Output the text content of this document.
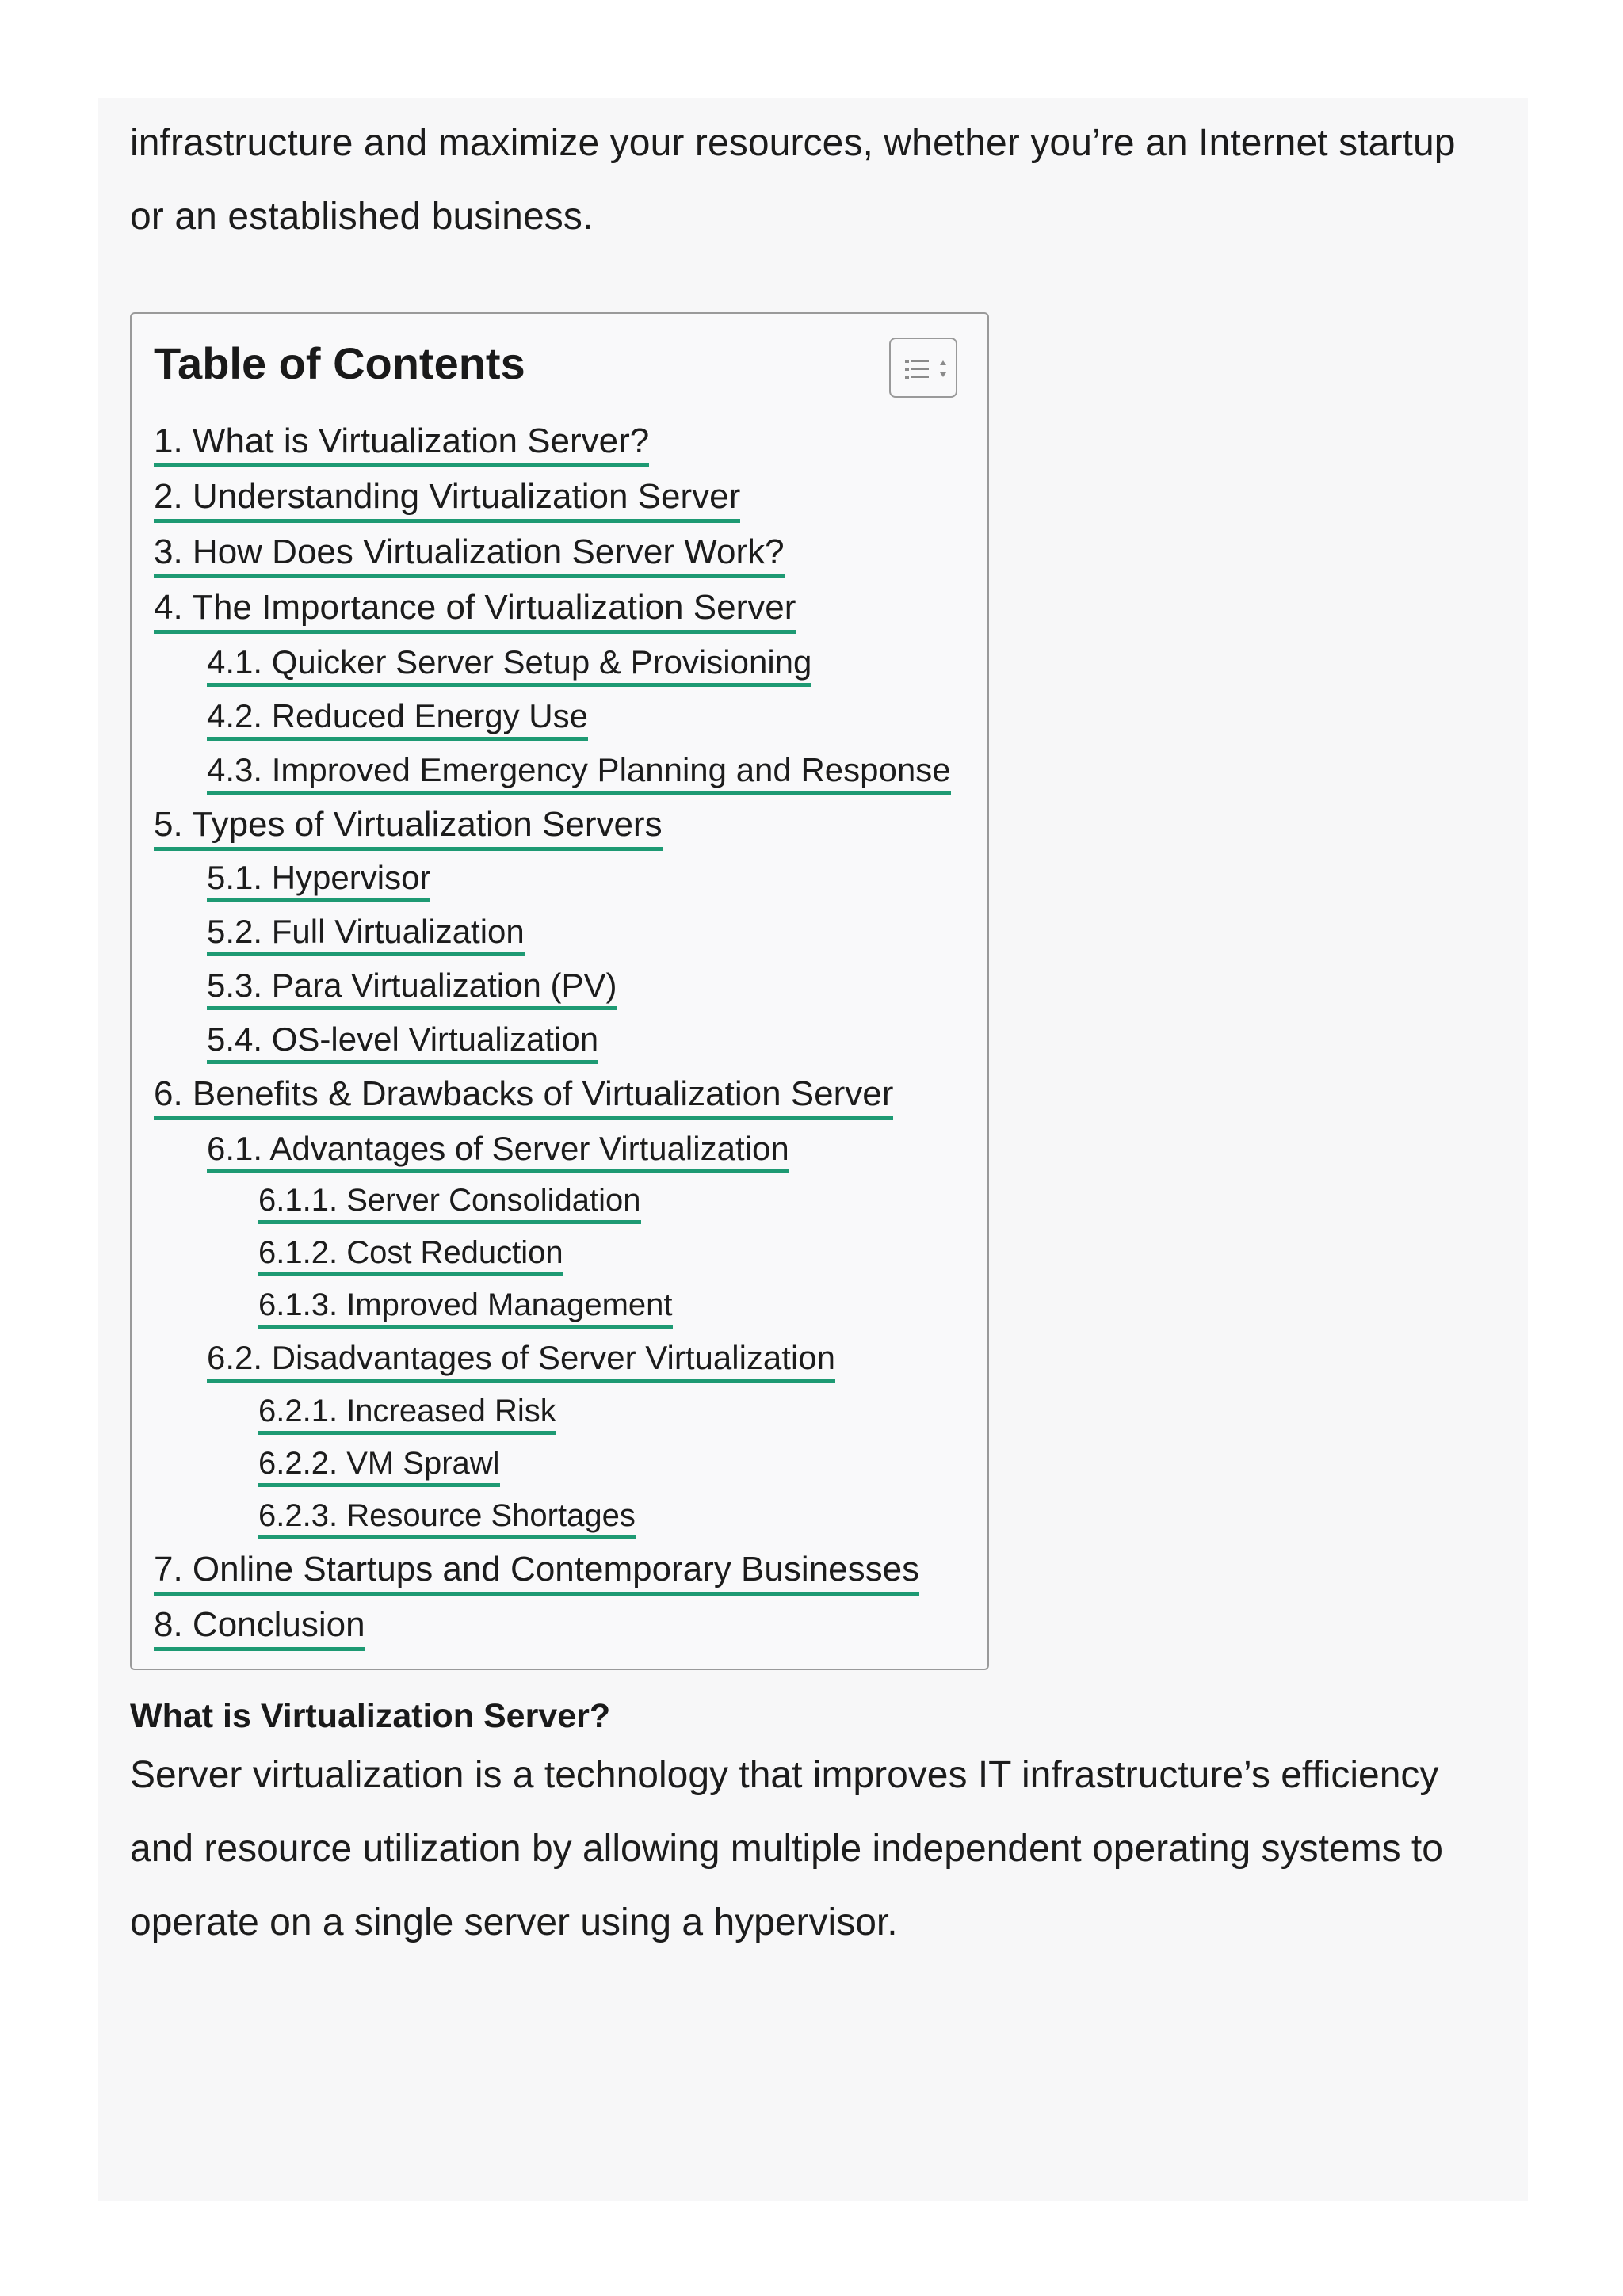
infrastructure and maximize your resources, whether you’re an Internet startup or an established business.

Table of Contents
1. What is Virtualization Server?
2. Understanding Virtualization Server
3. How Does Virtualization Server Work?
4. The Importance of Virtualization Server
4.1. Quicker Server Setup & Provisioning
4.2. Reduced Energy Use
4.3. Improved Emergency Planning and Response
5. Types of Virtualization Servers
5.1. Hypervisor
5.2. Full Virtualization
5.3. Para Virtualization (PV)
5.4. OS-level Virtualization
6. Benefits & Drawbacks of Virtualization Server
6.1. Advantages of Server Virtualization
6.1.1. Server Consolidation
6.1.2. Cost Reduction
6.1.3. Improved Management
6.2. Disadvantages of Server Virtualization
6.2.1. Increased Risk
6.2.2. VM Sprawl
6.2.3. Resource Shortages
7. Online Startups and Contemporary Businesses
8. Conclusion
What is Virtualization Server?

Server virtualization is a technology that improves IT infrastructure’s efficiency and resource utilization by allowing multiple independent operating systems to operate on a single server using a hypervisor.
